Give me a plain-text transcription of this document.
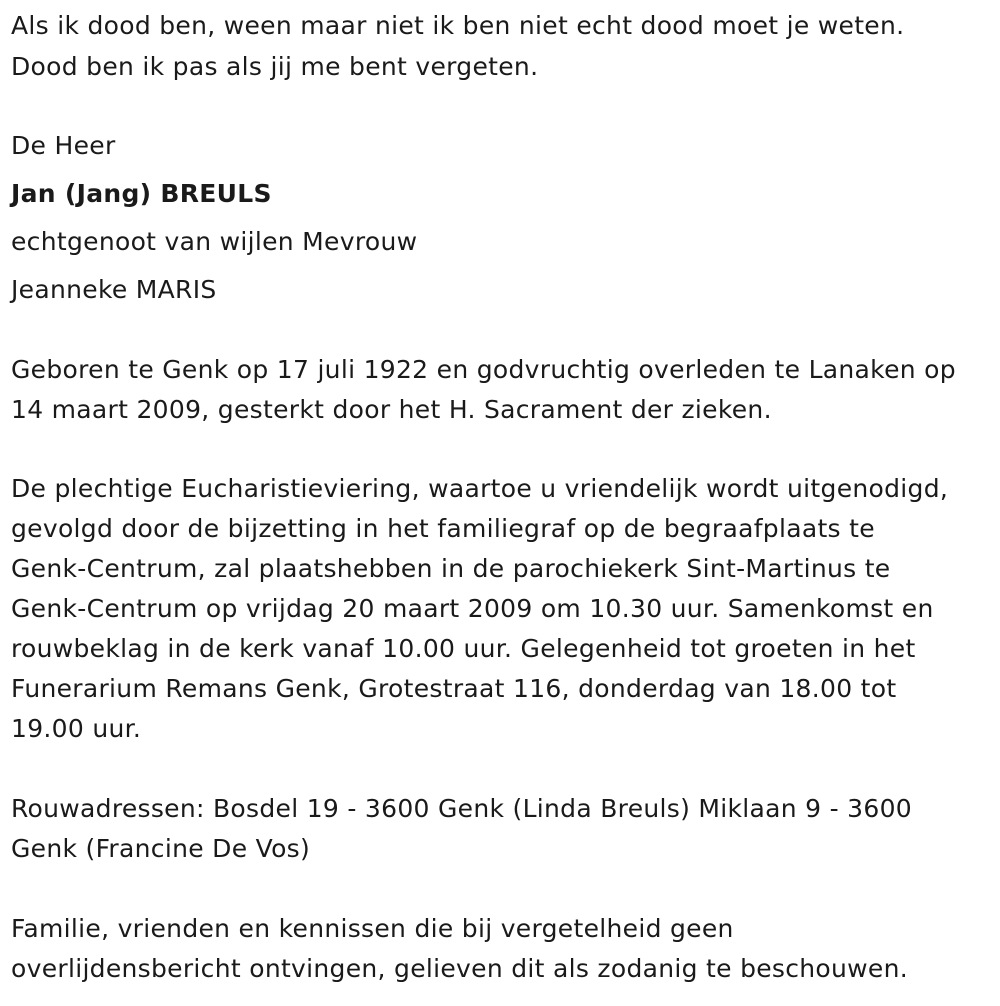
Als ik dood ben, ween maar niet ik ben niet echt dood moet je weten.
Dood ben ik pas als jij me bent vergeten.
De Heer
Jan (Jang) BREULS
echtgenoot van wijlen Mevrouw
Jeanneke MARIS
Geboren te Genk op 17 juli 1922 en godvruchtig overleden te Lanaken op
14 maart 2009, gesterkt door het H. Sacrament der zieken.
De plechtige Eucharistieviering, waartoe u vriendelijk wordt uitgenodigd,
gevolgd door de bijzetting in het familiegraf op de begraafplaats te
Genk-Centrum, zal plaatshebben in de parochiekerk Sint-Martinus te
Genk-Centrum op vrijdag 20 maart 2009 om 10.30 uur. Samenkomst en
rouwbeklag in de kerk vanaf 10.00 uur. Gelegenheid tot groeten in het
Funerarium Remans Genk, Grotestraat 116, donderdag van 18.00 tot
19.00 uur.
Rouwadressen: Bosdel 19 - 3600 Genk (Linda Breuls) Miklaan 9 - 3600
Genk (Francine De Vos)
Familie, vrienden en kennissen die bij vergetelheid geen
overlijdensbericht ontvingen, gelieven dit als zodanig te beschouwen.
